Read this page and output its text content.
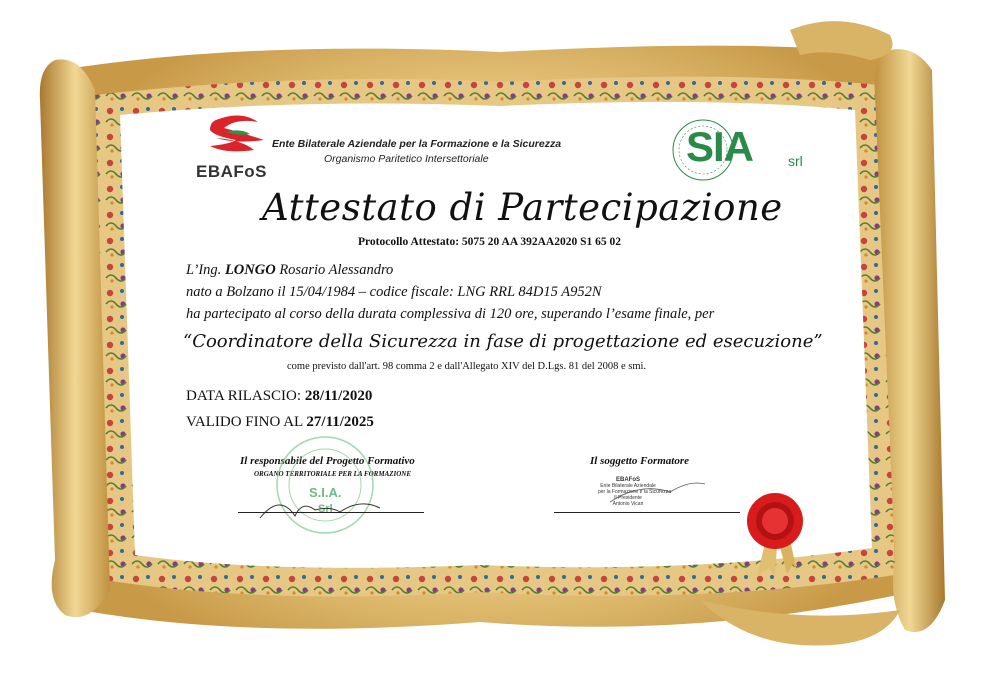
EBAFoS
Ente Bilaterale Aziendale per la Formazione e la Sicurezza
Organismo Paritetico Intersettoriale	SIA srl
Attestato di Partecipazione
Protocollo Attestato: 5075 20 AA 392AA2020 S1 65 02
L’Ing. LONGO Rosario Alessandro
nato a Bolzano il 15/04/1984 – codice fiscale: LNG RRL 84D15 A952N
ha partecipato al corso della durata complessiva di 120 ore, superando l’esame finale, per
“Coordinatore della Sicurezza in fase di progettazione ed esecuzione”
come previsto dall'art. 98 comma 2 e dall'Allegato XIV del D.Lgs. 81 del 2008 e smi.
DATA RILASCIO: 28/11/2020
VALIDO FINO AL 27/11/2025
Il responsabile del Progetto Formativo
ORGANO TERRITORIALE PER LA FORMAZIONE
S.I.A.
Srl
Il soggetto Formatore
EBAFoS
Ente Bilaterale Aziendale
per la Formazione e la Sicurezza
Il Presidente
Antonio Vicari
